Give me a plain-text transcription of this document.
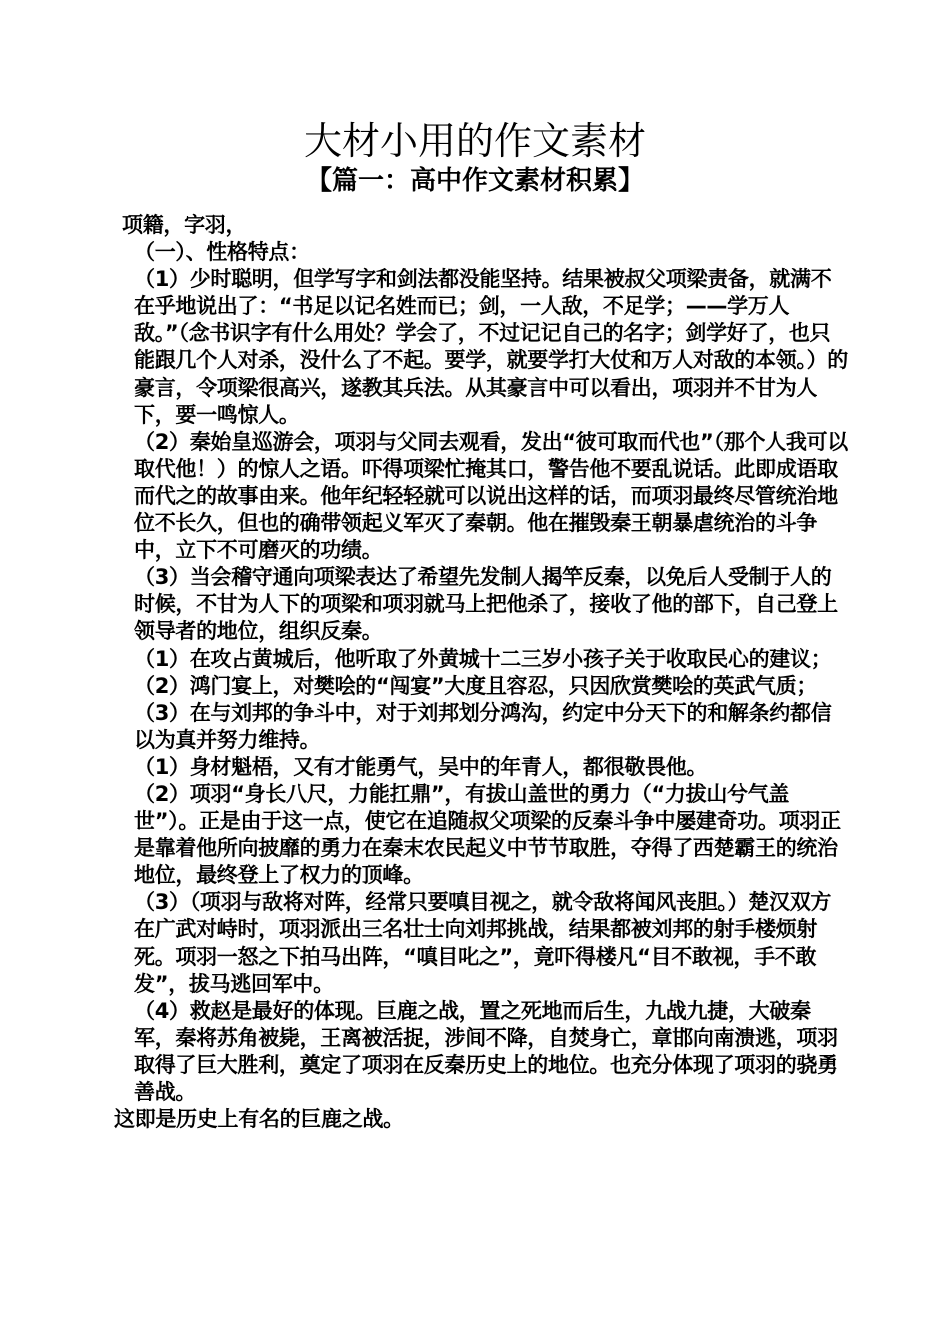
大材小用的作文素材
【篇一：高中作文素材积累】

项籍，字羽，

（一）、性格特点：

（1）少时聪明，但学写字和剑法都没能坚持。结果被叔父项梁责备，就满不在乎地说出了：“书足以记名姓而已；剑，一人敌，不足学；——学万人敌。”（念书识字有什么用处？学会了，不过记记自己的名字；剑学好了，也只能跟几个人对杀，没什么了不起。要学，就要学打大仗和万人对敌的本领。）的豪言，令项梁很高兴，遂教其兵法。从其豪言中可以看出，项羽并不甘为人下，要一鸣惊人。

（2）秦始皇巡游会，项羽与父同去观看，发出“彼可取而代也”（那个人我可以取代他！）的惊人之语。吓得项梁忙掩其口，警告他不要乱说话。此即成语取而代之的故事由来。他年纪轻轻就可以说出这样的话，而项羽最终尽管统治地位不长久，但也的确带领起义军灭了秦朝。他在摧毁秦王朝暴虐统治的斗争中，立下不可磨灭的功绩。

（3）当会稽守通向项梁表达了希望先发制人揭竿反秦，以免后人受制于人的时候，不甘为人下的项梁和项羽就马上把他杀了，接收了他的部下，自己登上领导者的地位，组织反秦。

（1）在攻占黄城后，他听取了外黄城十二三岁小孩子关于收取民心的建议；

（2）鸿门宴上，对樊哙的“闯宴”大度且容忍，只因欣赏樊哙的英武气质；

（3）在与刘邦的争斗中，对于刘邦划分鸿沟，约定中分天下的和解条约都信以为真并努力维持。

（1）身材魁梧，又有才能勇气，吴中的年青人，都很敬畏他。

（2）项羽“身长八尺，力能扛鼎”，有拔山盖世的勇力（“力拔山兮气盖世”）。正是由于这一点，使它在追随叔父项梁的反秦斗争中屡建奇功。项羽正是靠着他所向披靡的勇力在秦末农民起义中节节取胜，夺得了西楚霸王的统治地位，最终登上了权力的顶峰。

（3）（项羽与敌将对阵，经常只要嗔目视之，就令敌将闻风丧胆。）楚汉双方在广武对峙时，项羽派出三名壮士向刘邦挑战，结果都被刘邦的射手楼烦射死。项羽一怒之下拍马出阵，“嗔目叱之”，竟吓得楼凡“目不敢视，手不敢发”，拔马逃回军中。

（4）救赵是最好的体现。巨鹿之战，置之死地而后生，九战九捷，大破秦军，秦将苏角被毙，王离被活捉，涉间不降，自焚身亡，章邯向南溃逃，项羽取得了巨大胜利，奠定了项羽在反秦历史上的地位。也充分体现了项羽的骁勇善战。

这即是历史上有名的巨鹿之战。
